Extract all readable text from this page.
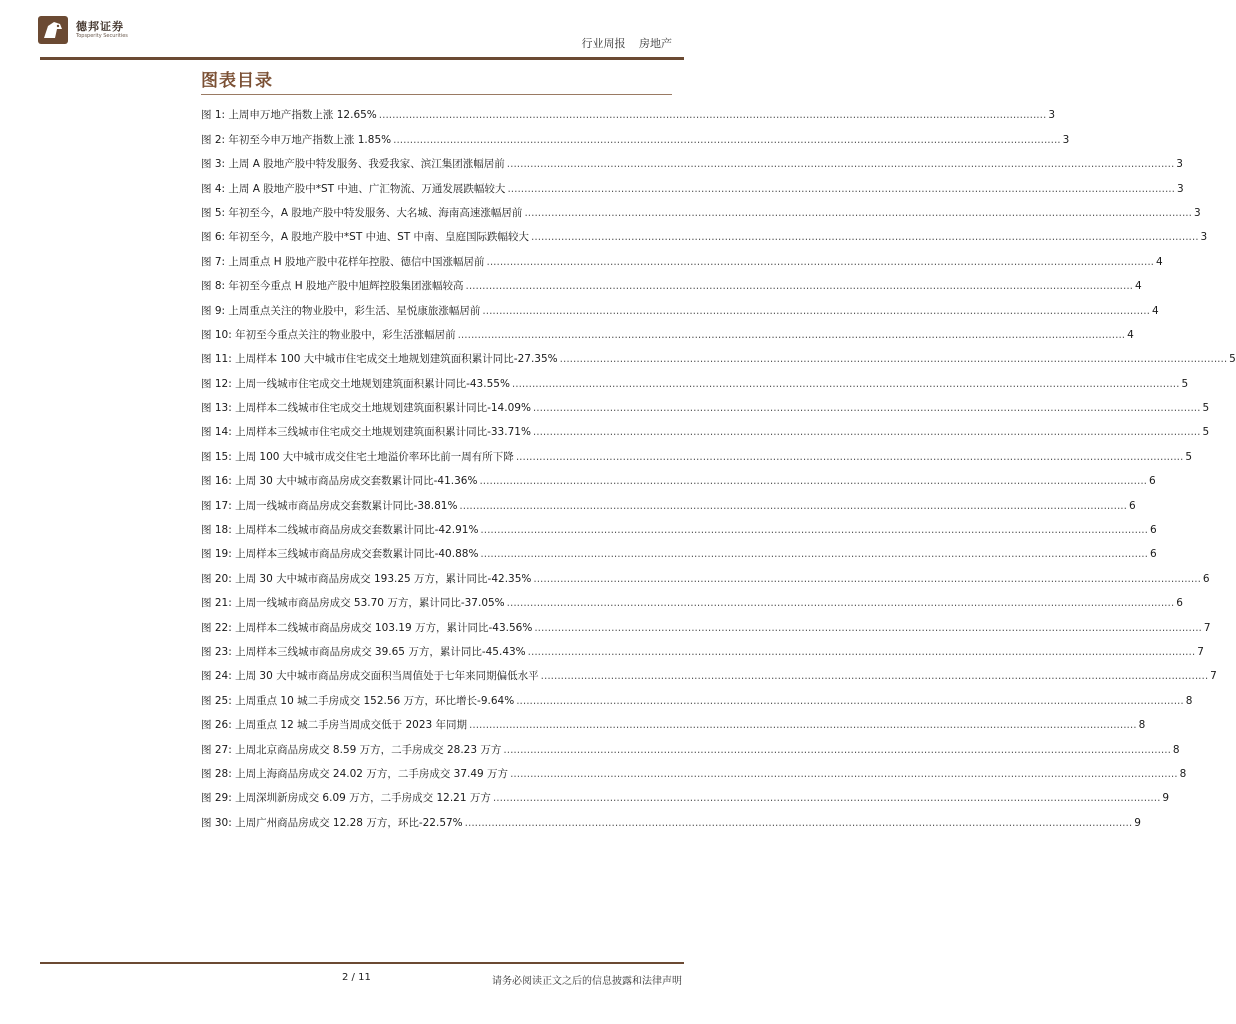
德邦证券
Topsperity Securities
行业周报 房地产
图表目录
图 1: 上周申万地产指数上涨 12.65% .....	3
图 2: 年初至今申万地产指数上涨 1.85% .....	3
图 3: 上周 A 股地产股中特发服务、我爱我家、滨江集团涨幅居前 .....	3
图 4: 上周 A 股地产股中*ST 中迪、广汇物流、万通发展跌幅较大 .....	3
图 5: 年初至今，A 股地产股中特发服务、大名城、海南高速涨幅居前 .....	3
图 6: 年初至今，A 股地产股中*ST 中迪、ST 中南、皇庭国际跌幅较大 .....	3
图 7: 上周重点 H 股地产股中花样年控股、德信中国涨幅居前 .....	4
图 8: 年初至今重点 H 股地产股中旭辉控股集团涨幅较高 .....	4
图 9: 上周重点关注的物业股中，彩生活、星悦康旅涨幅居前 .....	4
图 10: 年初至今重点关注的物业股中，彩生活涨幅居前 .....	4
图 11: 上周样本 100 大中城市住宅成交土地规划建筑面积累计同比-27.35% .....	5
图 12: 上周一线城市住宅成交土地规划建筑面积累计同比-43.55% .....	5
图 13: 上周样本二线城市住宅成交土地规划建筑面积累计同比-14.09% .....	5
图 14: 上周样本三线城市住宅成交土地规划建筑面积累计同比-33.71% .....	5
图 15: 上周 100 大中城市成交住宅土地溢价率环比前一周有所下降 .....	5
图 16: 上周 30 大中城市商品房成交套数累计同比-41.36% .....	6
图 17: 上周一线城市商品房成交套数累计同比-38.81% .....	6
图 18: 上周样本二线城市商品房成交套数累计同比-42.91% .....	6
图 19: 上周样本三线城市商品房成交套数累计同比-40.88% .....	6
图 20: 上周 30 大中城市商品房成交 193.25 万方，累计同比-42.35% .....	6
图 21: 上周一线城市商品房成交 53.70 万方，累计同比-37.05% .....	6
图 22: 上周样本二线城市商品房成交 103.19 万方，累计同比-43.56% .....	7
图 23: 上周样本三线城市商品房成交 39.65 万方，累计同比-45.43% .....	7
图 24: 上周 30 大中城市商品房成交面积当周值处于七年来同期偏低水平 .....	7
图 25: 上周重点 10 城二手房成交 152.56 万方，环比增长-9.64% .....	8
图 26: 上周重点 12 城二手房当周成交低于 2023 年同期 .....	8
图 27: 上周北京商品房成交 8.59 万方，二手房成交 28.23 万方 .....	8
图 28: 上周上海商品房成交 24.02 万方，二手房成交 37.49 万方 .....	8
图 29: 上周深圳新房成交 6.09 万方，二手房成交 12.21 万方 .....	9
图 30: 上周广州商品房成交 12.28 万方，环比-22.57% .....	9
2 / 11	请务必阅读正文之后的信息披露和法律声明
